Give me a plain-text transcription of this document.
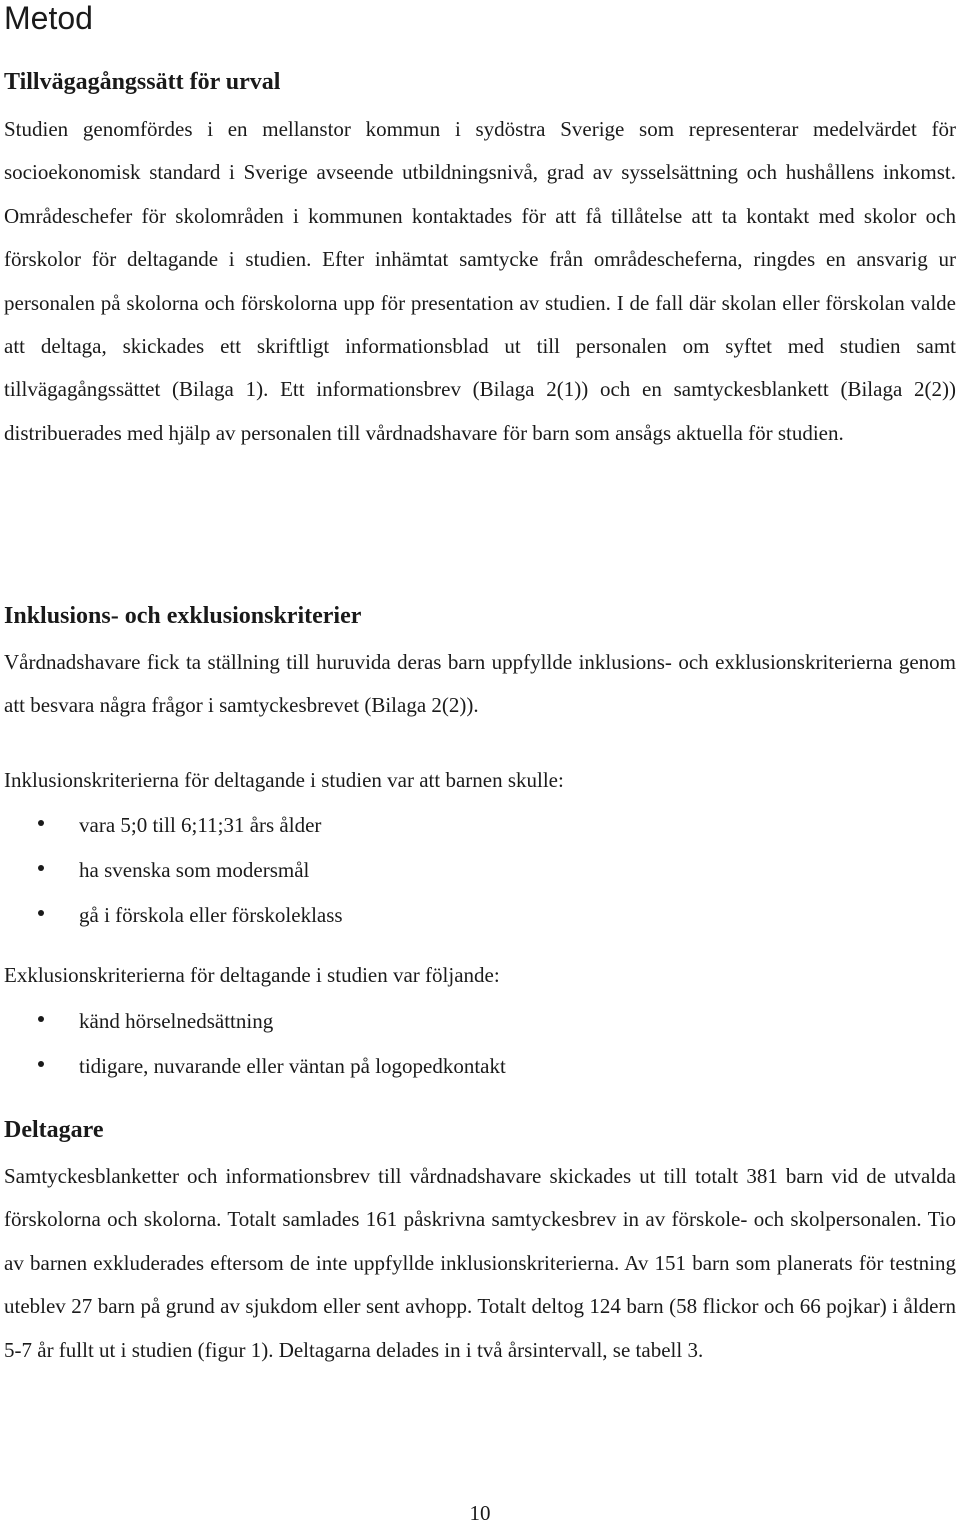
Metod
Tillvägagångssätt för urval

Studien genomfördes i en mellanstor kommun i sydöstra Sverige som representerar medelvärdet för socioekonomisk standard i Sverige avseende utbildningsnivå, grad av sysselsättning och hushållens inkomst. Områdeschefer för skolområden i kommunen kontaktades för att få tillåtelse att ta kontakt med skolor och förskolor för deltagande i studien. Efter inhämtat samtycke från områdescheferna, ringdes en ansvarig ur personalen på skolorna och förskolorna upp för presentation av studien. I de fall där skolan eller förskolan valde att deltaga, skickades ett skriftligt informationsblad ut till personalen om syftet med studien samt tillvägagångssättet (Bilaga 1). Ett informationsbrev (Bilaga 2(1)) och en samtyckesblankett (Bilaga 2(2)) distribuerades med hjälp av personalen till vårdnadshavare för barn som ansågs aktuella för studien.

Inklusions- och exklusionskriterier

Vårdnadshavare fick ta ställning till huruvida deras barn uppfyllde inklusions- och exklusionskriterierna genom att besvara några frågor i samtyckesbrevet (Bilaga 2(2)).

Inklusionskriterierna för deltagande i studien var att barnen skulle:

vara 5;0 till 6;11;31 års ålder
ha svenska som modersmål
gå i förskola eller förskoleklass

Exklusionskriterierna för deltagande i studien var följande:

känd hörselnedsättning
tidigare, nuvarande eller väntan på logopedkontakt
Deltagare

Samtyckesblanketter och informationsbrev till vårdnadshavare skickades ut till totalt 381 barn vid de utvalda förskolorna och skolorna. Totalt samlades 161 påskrivna samtyckesbrev in av förskole- och skolpersonalen. Tio av barnen exkluderades eftersom de inte uppfyllde inklusionskriterierna. Av 151 barn som planerats för testning uteblev 27 barn på grund av sjukdom eller sent avhopp. Totalt deltog 124 barn (58 flickor och 66 pojkar) i åldern 5-7 år fullt ut i studien (figur 1). Deltagarna delades in i två årsintervall, se tabell 3.

10
